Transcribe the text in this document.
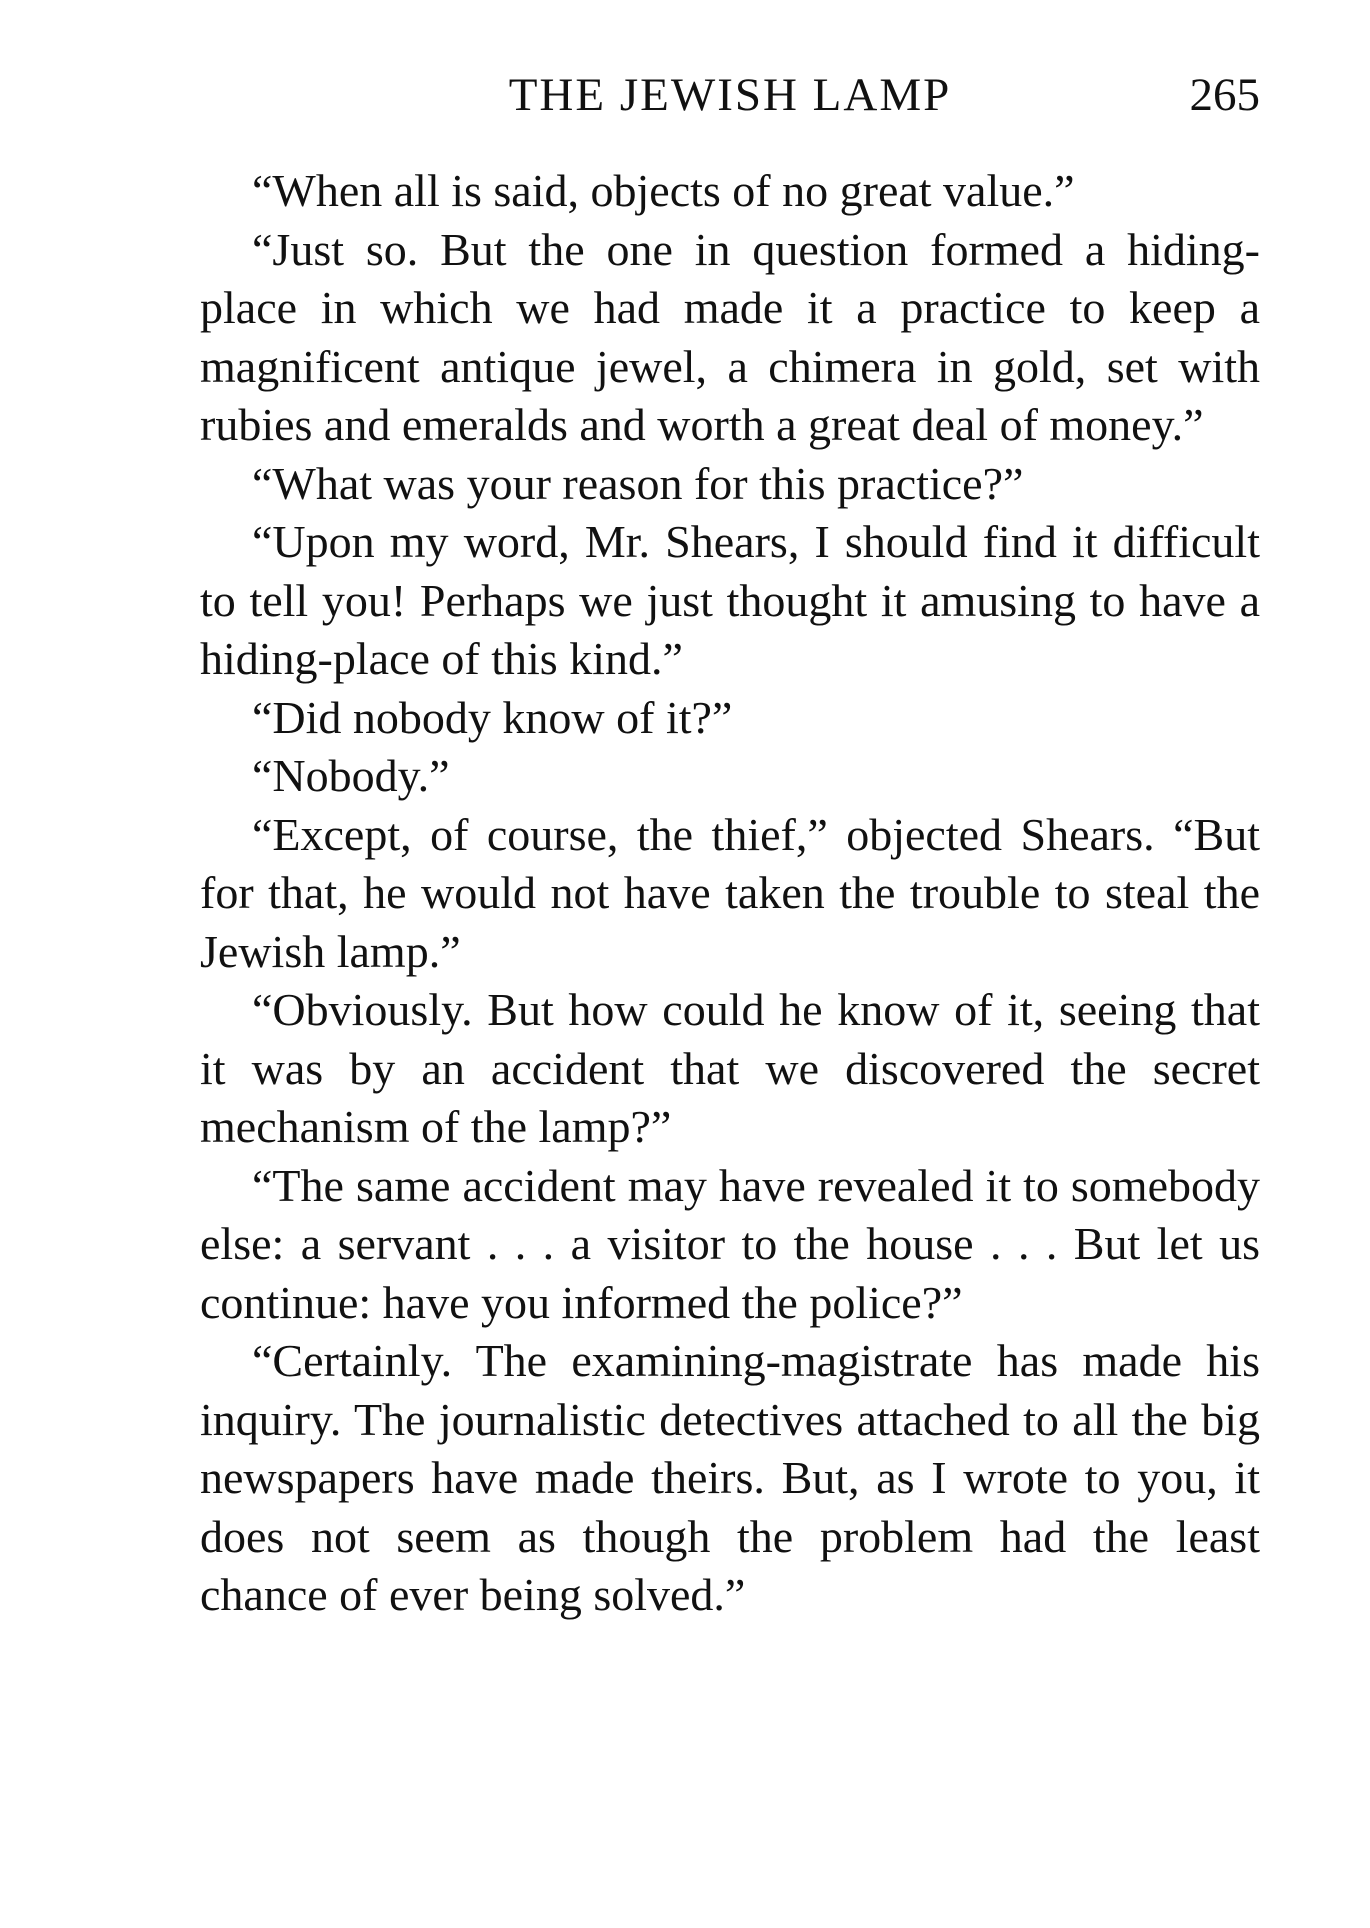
THE JEWISH LAMP	265

“When all is said, objects of no great value.”

“Just so. But the one in question formed a hiding-place in which we had made it a practice to keep a magnificent antique jewel, a chimera in gold, set with rubies and emeralds and worth a great deal of money.”

“What was your reason for this practice?”

“Upon my word, Mr. Shears, I should find it difficult to tell you! Perhaps we just thought it amusing to have a hiding-place of this kind.”

“Did nobody know of it?”

“Nobody.”

“Except, of course, the thief,” objected Shears. “But for that, he would not have taken the trouble to steal the Jewish lamp.”

“Obviously. But how could he know of it, seeing that it was by an accident that we discovered the secret mechanism of the lamp?”

“The same accident may have revealed it to somebody else: a servant . . . a visitor to the house . . . But let us continue: have you informed the police?”

“Certainly. The examining-magistrate has made his inquiry. The journalistic detectives attached to all the big newspapers have made theirs. But, as I wrote to you, it does not seem as though the problem had the least chance of ever being solved.”
